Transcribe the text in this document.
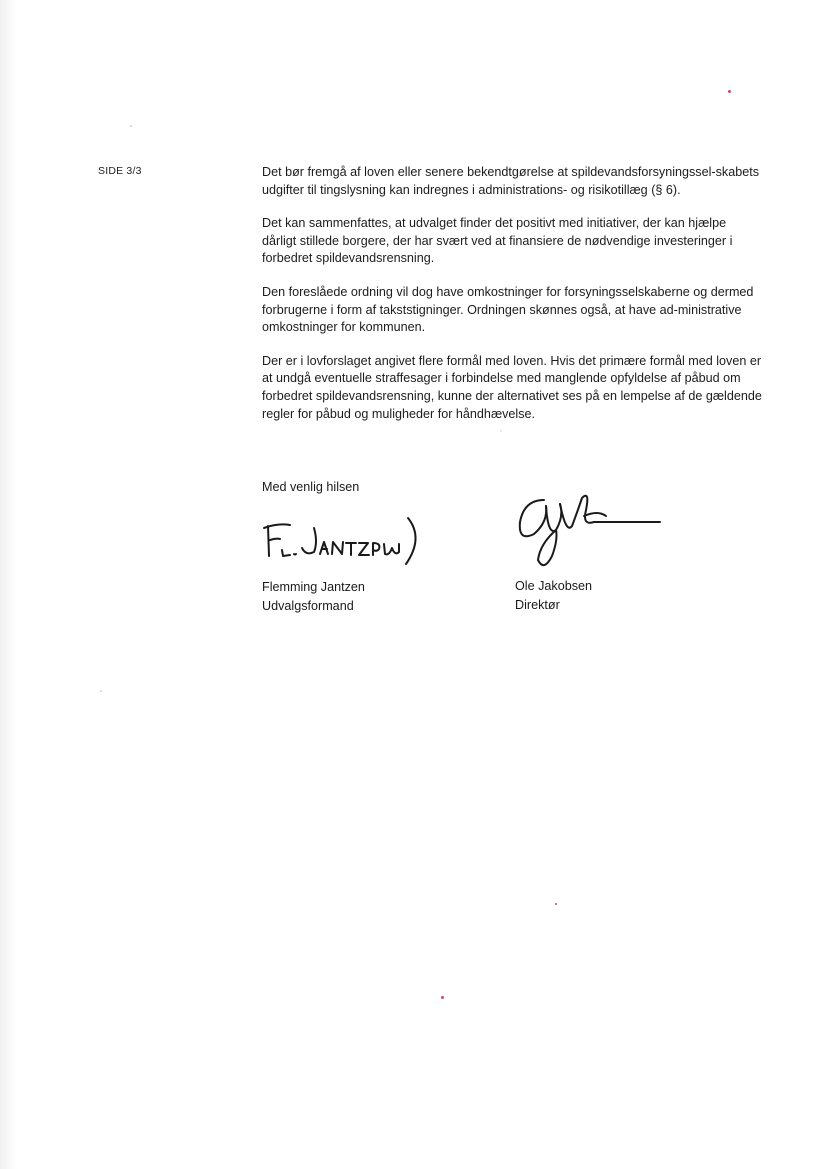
SIDE 3/3	Det bør fremgå af loven eller senere bekendtgørelse at spildevandsforsyningssel-skabets udgifter til tingslysning kan indregnes i administrations- og risikotillæg (§ 6).

Det kan sammenfattes, at udvalget finder det positivt med initiativer, der kan hjælpe dårligt stillede borgere, der har svært ved at finansiere de nødvendige investeringer i forbedret spildevandsrensning.

Den foreslåede ordning vil dog have omkostninger for forsyningsselskaberne og dermed forbrugerne i form af takststigninger. Ordningen skønnes også, at have ad-ministrative omkostninger for kommunen.

Der er i lovforslaget angivet flere formål med loven. Hvis det primære formål med loven er at undgå eventuelle straffesager i forbindelse med manglende opfyldelse af påbud om forbedret spildevandsrensning, kunne der alternativet ses på en lempelse af de gældende regler for påbud og muligheder for håndhævelse.

Med venlig hilsen
Flemming Jantzen
Udvalgsformand
Ole Jakobsen
Direktør
